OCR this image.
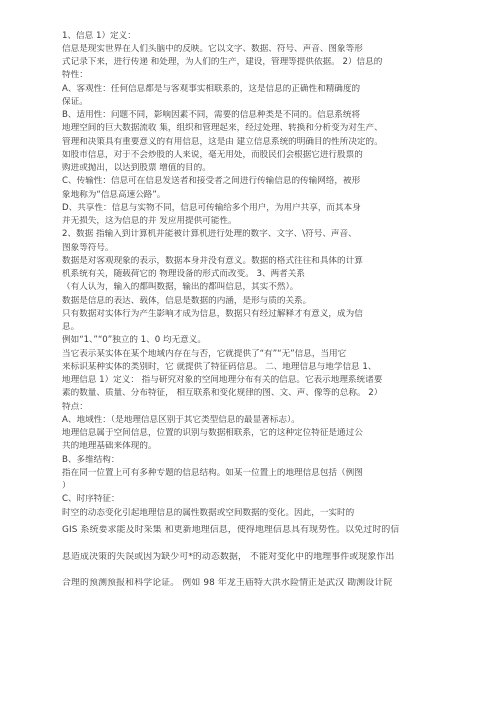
1、信息 1）定义：
信息是现实世界在人们头脑中的反映。它以文字、数据、符号、声音、图象等形
式记录下来，进行传递 和处理，为人们的生产，建设，管理等提供依据。 2）信息的
特性：
A、客观性：任何信息都是与客观事实相联系的，这是信息的正确性和精确度的
保证。
B、适用性：问题不同，影响因素不同，需要的信息种类是不同的。信息系统将
地理空间的巨大数据流收 集，组织和管理起来，经过处理、转换和分析变为对生产、
管理和决策具有重要意义的有用信息，这是由 建立信息系统的明确目的性所决定的。
如股市信息，对于不会炒股的人来说，毫无用处，而股民们会根据它进行股票的
购进或抛出，以达到股票 增值的目的。
C、传输性：信息可在信息发送者和接受者之间进行传输信息的传输网络，被形
象地称为“信息高速公路”。
D、共享性：信息与实物不同，信息可传输给多个用户，为用户共享，而其本身
并无损失，这为信息的并 发应用提供可能性。
2、数据 指输入到计算机并能被计算机进行处理的数字、文字、\符号、声音、
图象等符号。
数据是对客观现象的表示，数据本身并没有意义。数据的格式往往和具体的计算
机系统有关，随载荷它的 物理设备的形式而改变。 3、两者关系
（有人认为，输入的都叫数据，输出的都叫信息，其实不然）。
数据是信息的表达、载体，信息是数据的内涵，是形与质的关系。
只有数据对实体行为产生影响才成为信息，数据只有经过解释才有意义，成为信
息。
例如“1、”“0”独立的 1、0 均无意义。
当它表示某实体在某个地域内存在与否，它就提供了“有”“无”信息，当用它
来标识某种实体的类别时，它 就提供了特征码信息。 二、地理信息与地学信息 1、
地理信息 1）定义： 指与研究对象的空间地理分布有关的信息。它表示地理系统诸要
素的数量、质量、分布特征， 相互联系和变化规律的图、文、声、像等的总称。 2）
特点：
A、地域性：（是地理信息区别于其它类型信息的最显著标志）。
地理信息属于空间信息，位置的识别与数据相联系，它的这种定位特征是通过公
共的地理基础来体现的。
B、多维结构：
指在同一位置上可有多种专题的信息结构。如某一位置上的地理信息包括（例图
）
C、时序特征：
时空的动态变化引起地理信息的属性数据或空间数据的变化。因此，一实时的
GIS 系统要求能及时采集 和更新地理信息，使得地理信息具有现势性。以免过时的信
息造成决策的失误或因为缺少可*的动态数据， 不能对变化中的地理事件或现象作出
合理的预测预报和科学论证。 例如 98 年龙王庙特大洪水险情正是武汉 勘测设计院
